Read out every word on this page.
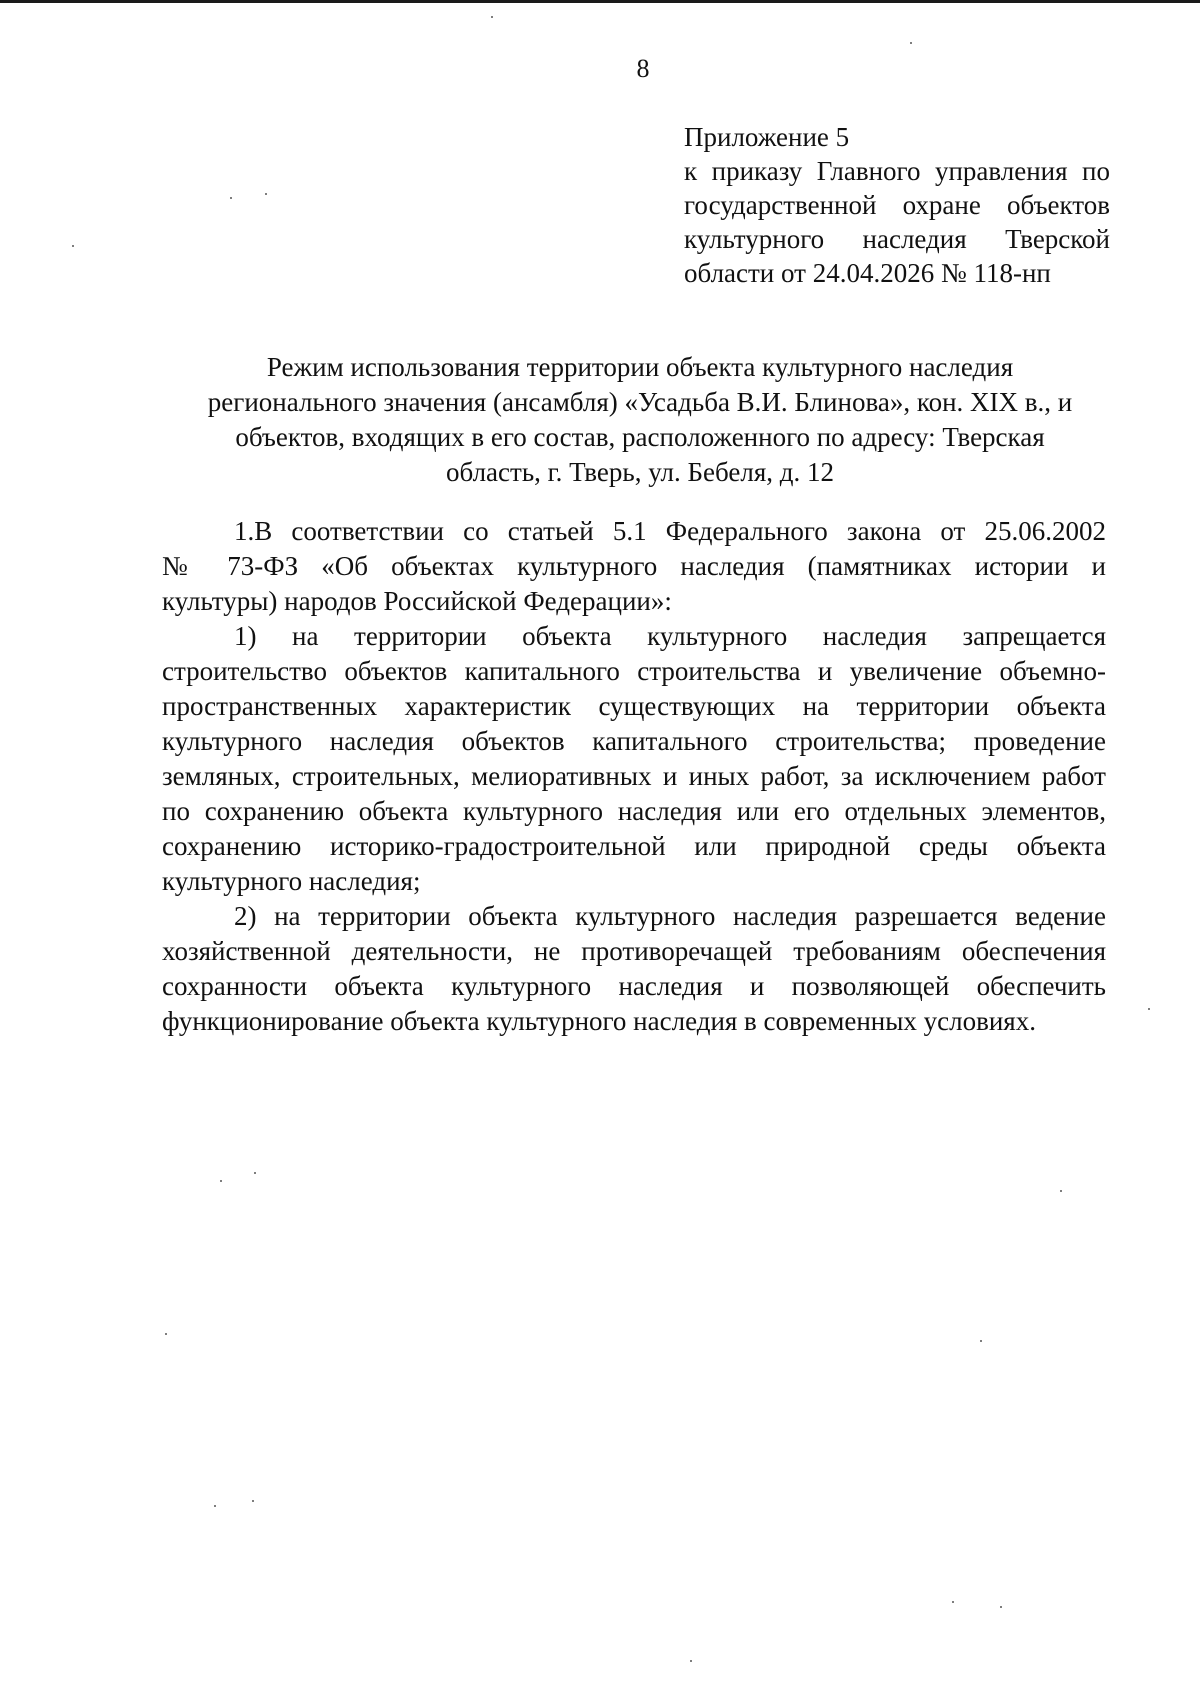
8
Приложение 5
к приказу Главного управления по
государственной охране объектов
культурного наследия Тверской
области от 24.04.2026 № 118-нп
Режим использования территории объекта культурного наследия
регионального значения (ансамбля) «Усадьба В.И. Блинова», кон. XIX в., и
объектов, входящих в его состав, расположенного по адресу: Тверская
область, г. Тверь, ул. Бебеля, д. 12
1.В соответствии со статьей 5.1 Федерального закона от 25.06.2002
№ 73-ФЗ «Об объектах культурного наследия (памятниках истории и
культуры) народов Российской Федерации»:
1) на территории объекта культурного наследия запрещается
строительство объектов капитального строительства и увеличение объемно-
пространственных характеристик существующих на территории объекта
культурного наследия объектов капитального строительства; проведение
земляных, строительных, мелиоративных и иных работ, за исключением работ
по сохранению объекта культурного наследия или его отдельных элементов,
сохранению историко-градостроительной или природной среды объекта
культурного наследия;
2) на территории объекта культурного наследия разрешается ведение
хозяйственной деятельности, не противоречащей требованиям обеспечения
сохранности объекта культурного наследия и позволяющей обеспечить
функционирование объекта культурного наследия в современных условиях.
